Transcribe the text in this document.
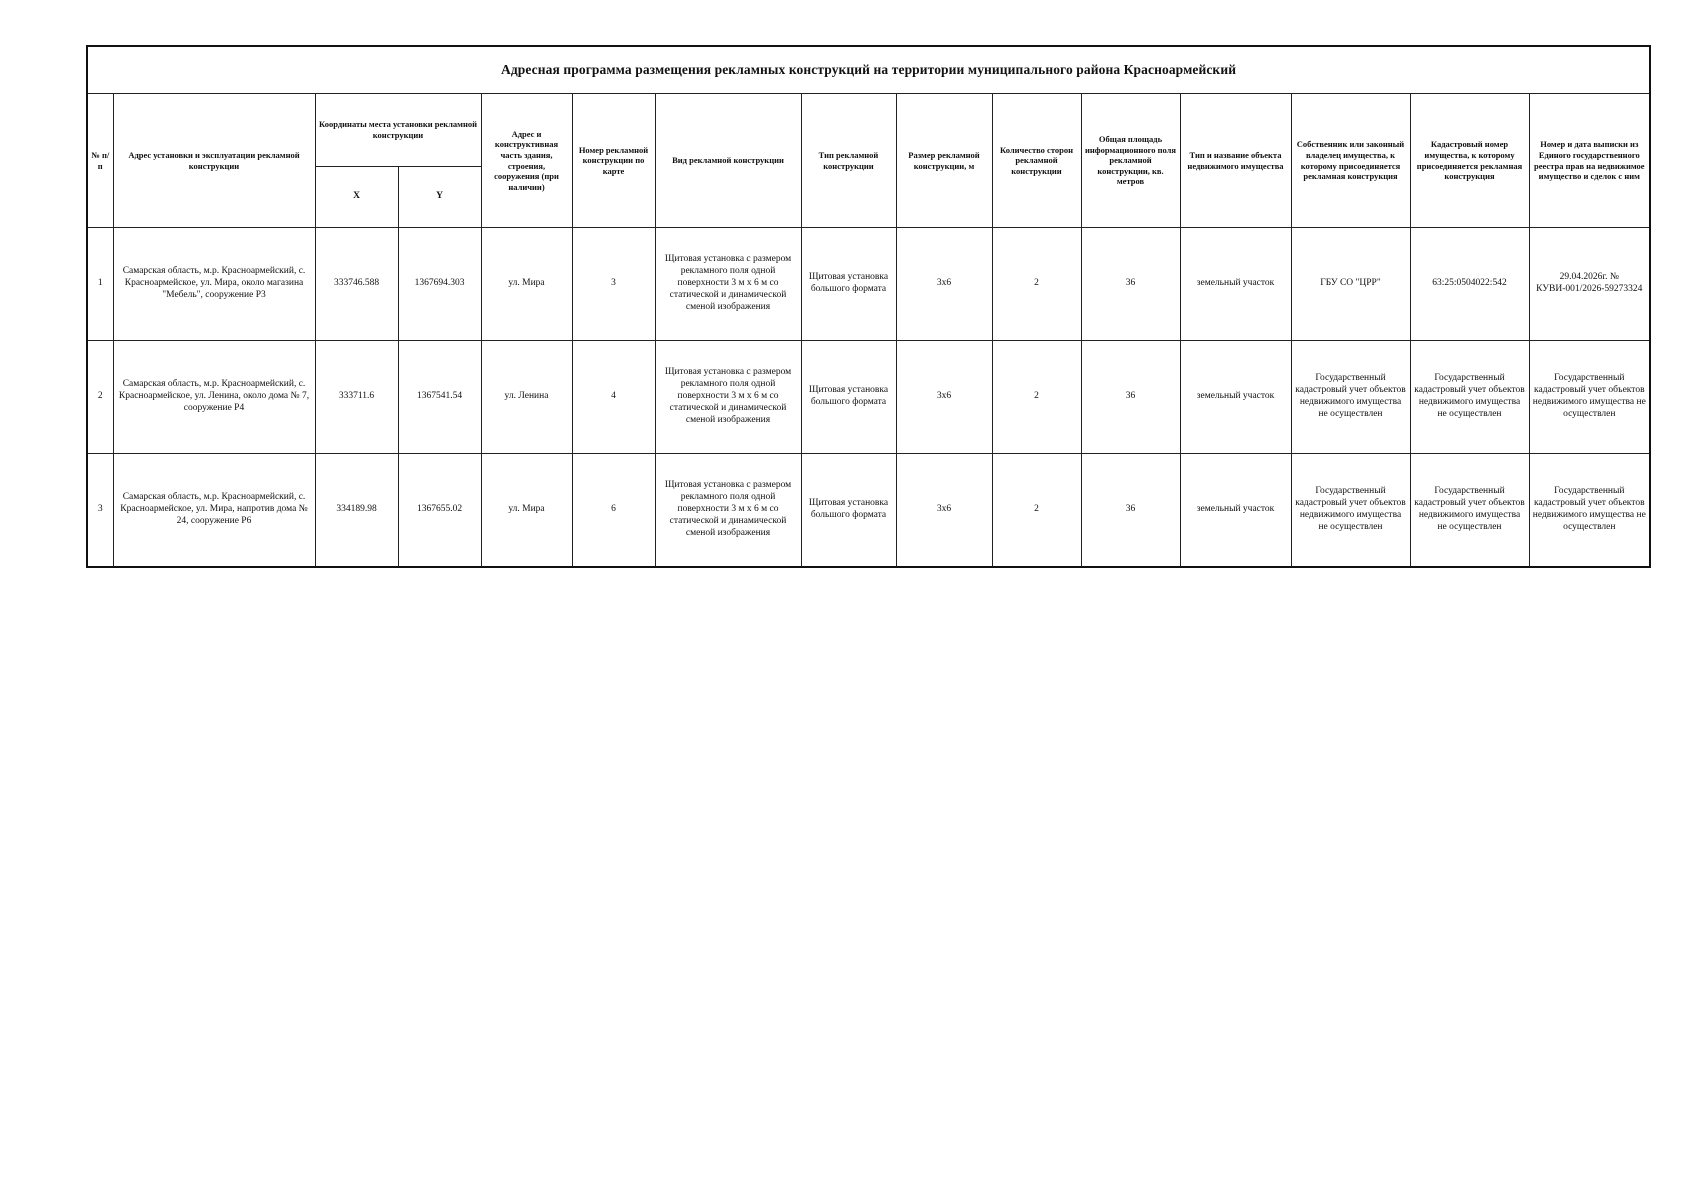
Адресная программа размещения рекламных конструкций на территории муниципального района Красноармейский														
№ п/п	Адрес установки и эксплуатации рекламной конструкции	Координаты места установки рекламной конструкции		Адрес и конструктивная часть здания, строения, сооружения (при наличии)	Номер рекламной конструкции по карте	Вид рекламной конструкции	Тип рекламной конструкции	Размер рекламной конструкции, м	Количество сторон рекламной конструкции	Общая площадь информационного поля рекламной конструкции, кв. метров	Тип и название объекта недвижимого имущества	Собственник или законный владелец имущества, к которому присоединяется рекламная конструкция	Кадастровый номер имущества, к которому присоединяется рекламная конструкция	Номер и дата выписки из Единого государственного реестра прав на недвижимое имущество и сделок с ним
		X	Y											
1	Самарская область, м.р. Красноармейский, с. Красноармейское, ул. Мира, около магазина "Мебель", сооружение Р3	333746.588	1367694.303	ул. Мира	3	Щитовая установка с размером рекламного поля одной поверхности 3 м х 6 м со статической и динамической сменой изображения	Щитовая установка большого формата	3х6	2	36	земельный участок	ГБУ СО "ЦРР"	63:25:0504022:542	29.04.2026г. № КУВИ-001/2026-59273324
2	Самарская область, м.р. Красноармейский, с. Красноармейское, ул. Ленина, около дома № 7, сооружение Р4	333711.6	1367541.54	ул. Ленина	4	Щитовая установка с размером рекламного поля одной поверхности 3 м х 6 м со статической и динамической сменой изображения	Щитовая установка большого формата	3х6	2	36	земельный участок	Государственный кадастровый учет объектов недвижимого имущества не осуществлен	Государственный кадастровый учет объектов недвижимого имущества не осуществлен	Государственный кадастровый учет объектов недвижимого имущества не осуществлен
3	Самарская область, м.р. Красноармейский, с. Красноармейское, ул. Мира, напротив дома № 24, сооружение Р6	334189.98	1367655.02	ул. Мира	6	Щитовая установка с размером рекламного поля одной поверхности 3 м х 6 м со статической и динамической сменой изображения	Щитовая установка большого формата	3х6	2	36	земельный участок	Государственный кадастровый учет объектов недвижимого имущества не осуществлен	Государственный кадастровый учет объектов недвижимого имущества не осуществлен	Государственный кадастровый учет объектов недвижимого имущества не осуществлен
